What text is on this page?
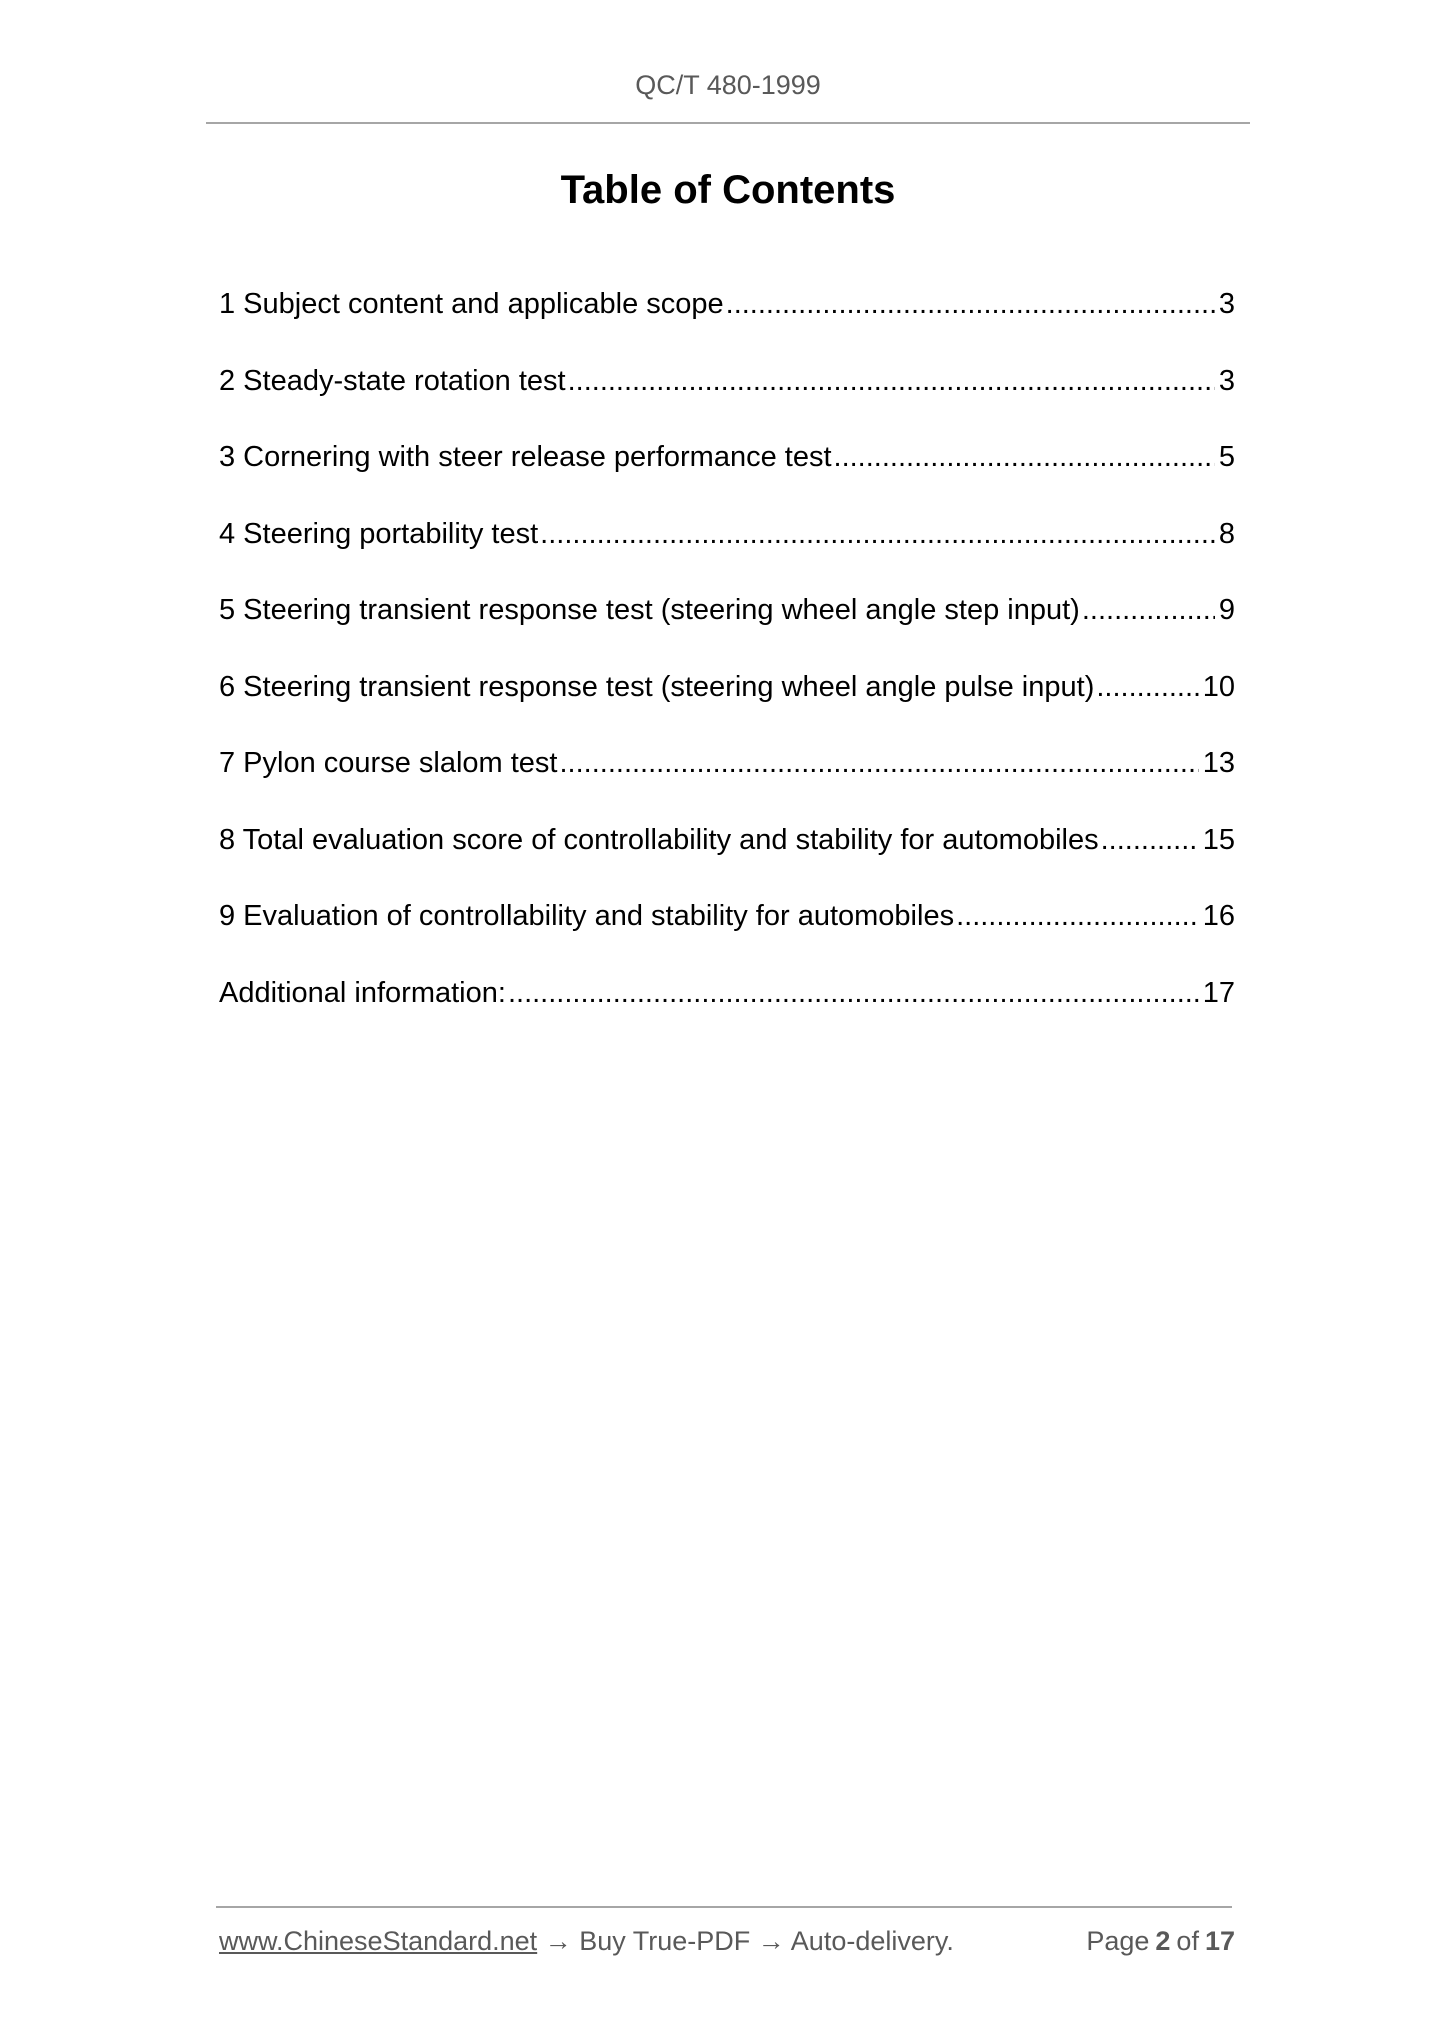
QC/T 480-1999
Table of Contents
1 Subject content and applicable scope .....	3
2 Steady-state rotation test .....	3
3 Cornering with steer release performance test .....	5
4 Steering portability test .....	8
5 Steering transient response test (steering wheel angle step input) .....	9
6 Steering transient response test (steering wheel angle pulse input) .....	10
7 Pylon course slalom test .....	13
8 Total evaluation score of controllability and stability for automobiles .....	15
9 Evaluation of controllability and stability for automobiles .....	16
Additional information: .....	17
www.ChineseStandard.net → Buy True-PDF → Auto-delivery.	Page 2 of 17
